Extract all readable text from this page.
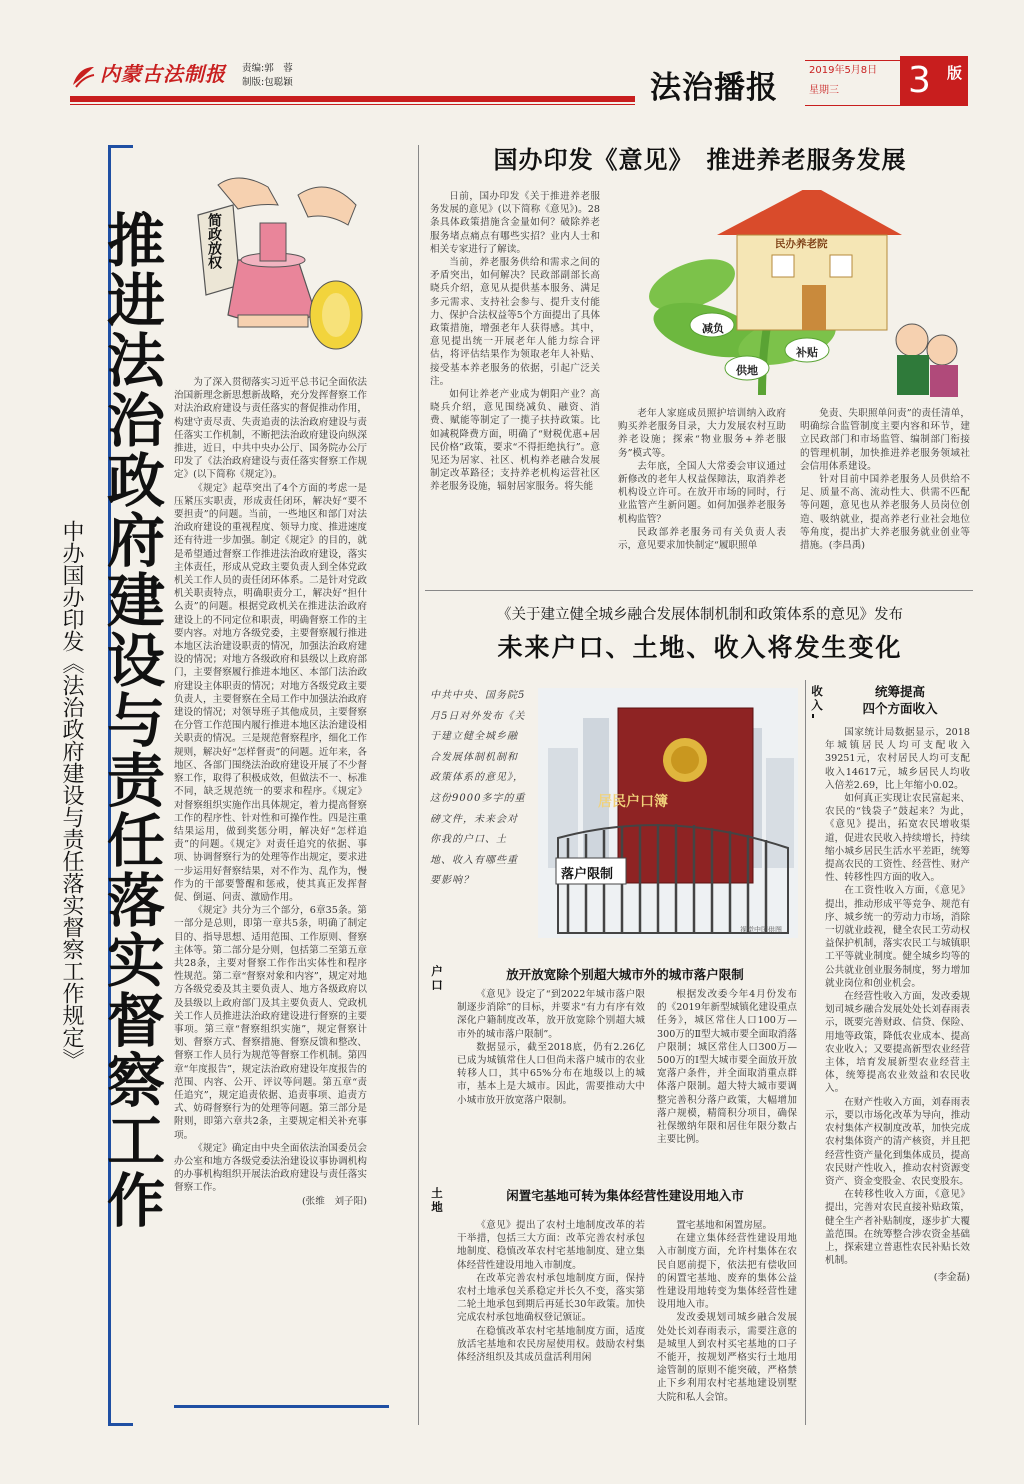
内蒙古法制报	责编:郭　蓉
制版:包聪颖	法治播报	2019年5月8日
星期三	3 版
推进法治政府建设与责任落实督察工作
中办国办印发《法治政府建设与责任落实督察工作规定》
简政放权

为了深入贯彻落实习近平总书记全面依法治国新理念新思想新战略，充分发挥督察工作对法治政府建设与责任落实的督促推动作用，构建守责尽责、失责追责的法治政府建设与责任落实工作机制，不断把法治政府建设向纵深推进，近日，中共中央办公厅、国务院办公厅印发了《法治政府建设与责任落实督察工作规定》(以下简称《规定》)。

《规定》起草突出了4个方面的考虑一是压紧压实职责，形成责任闭环，解决好“要不要担责”的问题。当前，一些地区和部门对法治政府建设的重视程度、领导力度、推进速度还有待进一步加强。制定《规定》的目的，就是希望通过督察工作推进法治政府建设，落实主体责任，形成从党政主要负责人到全体党政机关工作人员的责任闭环体系。二是针对党政机关职责特点，明确职责分工，解决好“担什么责”的问题。根据党政机关在推进法治政府建设上的不同定位和职责，明确督察工作的主要内容。对地方各级党委，主要督察履行推进本地区法治建设职责的情况，加强法治政府建设的情况；对地方各级政府和县级以上政府部门，主要督察履行推进本地区、本部门法治政府建设主体职责的情况；对地方各级党政主要负责人，主要督察在全局工作中加强法治政府建设的情况；对领导班子其他成员，主要督察在分管工作范围内履行推进本地区法治建设相关职责的情况。三是规范督察程序，细化工作规则，解决好“怎样督责”的问题。近年来，各地区、各部门围绕法治政府建设开展了不少督察工作，取得了积极成效，但做法不一、标准不同，缺乏规范统一的要求和程序。《规定》对督察组织实施作出具体规定，着力提高督察工作的程序性、针对性和可操作性。四是注重结果运用，做到奖惩分明，解决好“怎样追责”的问题。《规定》对责任追究的依据、事项、协调督察行为的处理等作出规定，要求进一步运用好督察结果，对不作为、乱作为，慢作为的干部要警醒和惩戒，使其真正发挥督促、倒逼、问责、激励作用。

《规定》共分为三个部分，6章35条。第一部分是总则，即第一章共5条，明确了制定目的、指导思想、适用范围、工作原则、督察主体等。第二部分是分则，包括第二至第五章共28条，主要对督察工作作出实体性和程序性规范。第二章“督察对象和内容”，规定对地方各级党委及其主要负责人、地方各级政府以及县级以上政府部门及其主要负责人、党政机关工作人员推进法治政府建设进行督察的主要事项。第三章“督察组织实施”，规定督察计划、督察方式、督察措施、督察反馈和整改、督察工作人员行为规范等督察工作机制。第四章“年度报告”，规定法治政府建设年度报告的范围、内容、公开、评议等问题。第五章“责任追究”，规定追责依据、追责事项、追责方式、妨碍督察行为的处理等问题。第三部分是附则，即第六章共2条，主要规定相关补充事项。

《规定》确定由中央全面依法治国委员会办公室和地方各级党委法治建设议事协调机构的办事机构组织开展法治政府建设与责任落实督察工作。

(张维　刘子阳)
国办印发《意见》　推进养老服务发展

日前，国办印发《关于推进养老服务发展的意见》(以下简称《意见》)。28条具体政策措施含金量如何？破除养老服务堵点痛点有哪些实招？业内人士和相关专家进行了解读。

当前，养老服务供给和需求之间的矛盾突出，如何解决？民政部副部长高晓兵介绍，意见从提供基本服务、满足多元需求、支持社会参与、提升支付能力、保护合法权益等5个方面提出了具体政策措施，增强老年人获得感。其中，意见提出统一开展老年人能力综合评估，将评估结果作为领取老年人补贴、接受基本养老服务的依据，引起广泛关注。

如何让养老产业成为朝阳产业？高晓兵介绍，意见围绕减负、融资、消费、赋能等制定了一揽子扶持政策。比如减税降费方面，明确了“财税优惠+居民价格”政策，要求“不得拒绝执行”。意见还为居家、社区、机构养老融合发展制定改革路径；支持养老机构运营社区养老服务设施，辐射居家服务。将失能

民办养老院
减负
供地
补贴

老年人家庭成员照护培训纳入政府购买养老服务目录，大力发展农村互助养老设施；探索“物业服务+养老服务”模式等。

去年底，全国人大常委会审议通过新修改的老年人权益保障法，取消养老机构设立许可。在放开市场的同时，行业监管产生新问题。如何加强养老服务机构监管？

民政部养老服务司有关负责人表示，意见要求加快制定“履职照单

免责、失职照单问责”的责任清单，明确综合监管制度主要内容和环节，建立民政部门和市场监管、编制部门衔接的管理机制，加快推进养老服务领域社会信用体系建设。

针对目前中国养老服务人员供给不足、质量不高、流动性大、供需不匹配等问题，意见也从养老服务人员岗位创造、吸纳就业，提高养老行业社会地位等角度，提出扩大养老服务就业创业等措施。(李昌禹)

《关于建立健全城乡融合发展体制机制和政策体系的意见》发布
未来户口、土地、收入将发生变化
中共中央、国务院5月5日对外发布《关于建立健全城乡融合发展体制机制和政策体系的意见》，这份9000多字的重磅文件，未来会对你我的户口、土地、收入有哪些重要影响？
居民户口簿
落户限制
视觉中国供图
收入
统筹提高
四个方面收入

国家统计局数据显示，2018年城镇居民人均可支配收入39251元，农村居民人均可支配收入14617元，城乡居民人均收入倍差2.69，比上年缩小0.02。

如何真正实现让农民富起来、农民的“钱袋子”鼓起来？为此，《意见》提出，拓宽农民增收渠道，促进农民收入持续增长，持续缩小城乡居民生活水平差距，统筹提高农民的工资性、经营性、财产性、转移性四方面的收入。

在工资性收入方面，《意见》提出，推动形成平等竞争、规范有序、城乡统一的劳动力市场，消除一切就业歧视，健全农民工劳动权益保护机制，落实农民工与城镇职工平等就业制度。健全城乡均等的公共就业创业服务制度，努力增加就业岗位和创业机会。

在经营性收入方面，发改委规划司城乡融合发展处处长刘春雨表示，既要完善财政、信贷、保险、用地等政策，降低农业成本、提高农业收入；又要提高新型农业经营主体，培育发展新型农业经营主体，统筹提高农业效益和农民收入。

在财产性收入方面，刘春雨表示，要以市场化改革为导向，推动农村集体产权制度改革，加快完成农村集体资产的清产核资，并且把经营性资产量化到集体成员，提高农民财产性收入，推动农村资源变资产、资金变股金、农民变股东。

在转移性收入方面，《意见》提出，完善对农民直接补贴政策，健全生产者补贴制度，逐步扩大覆盖范围。在统筹整合涉农资金基础上，探索建立普惠性农民补贴长效机制。

(李金磊)
户口
放开放宽除个别超大城市外的城市落户限制

《意见》设定了“到2022年城市落户限制逐步消除”的目标，并要求“有力有序有效深化户籍制度改革，放开放宽除个别超大城市外的城市落户限制”。

数据显示，截至2018底，仍有2.26亿已成为城镇常住人口但尚未落户城市的农业转移人口，其中65%分布在地级以上的城市，基本上是大城市。因此，需要推动大中小城市放开放宽落户限制。

根据发改委今年4月份发布的《2019年新型城镇化建设重点任务》，城区常住人口100万—300万的Ⅱ型大城市要全面取消落户限制；城区常住人口300万—500万的Ⅰ型大城市要全面放开放宽落户条件，并全面取消重点群体落户限制。超大特大城市要调整完善积分落户政策，大幅增加落户规模，精简积分项目，确保社保缴纳年限和居住年限分数占主要比例。

土地
闲置宅基地可转为集体经营性建设用地入市

《意见》提出了农村土地制度改革的若干举措，包括三大方面：改革完善农村承包地制度、稳慎改革农村宅基地制度、建立集体经营性建设用地入市制度。

在改革完善农村承包地制度方面，保持农村土地承包关系稳定并长久不变，落实第二轮土地承包到期后再延长30年政策。加快完成农村承包地确权登记颁证。

在稳慎改革农村宅基地制度方面，适度放活宅基地和农民房屋使用权。鼓励农村集体经济组织及其成员盘活利用闲

置宅基地和闲置房屋。

在建立集体经营性建设用地入市制度方面，允许村集体在农民自愿前提下，依法把有偿收回的闲置宅基地、废弃的集体公益性建设用地转变为集体经营性建设用地入市。

发改委规划司城乡融合发展处处长刘春雨表示，需要注意的是城里人到农村买宅基地的口子不能开，按规划严格实行土地用途管制的原则不能突破，严格禁止下乡利用农村宅基地建设别墅大院和私人会馆。
